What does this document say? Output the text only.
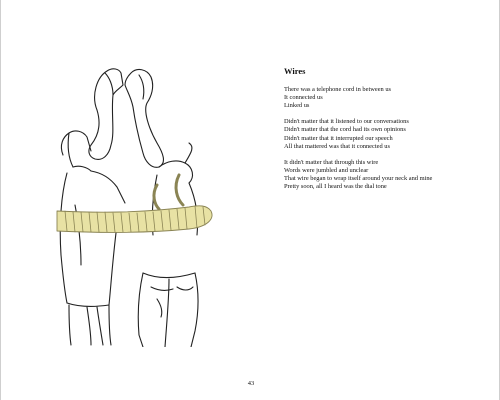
Wires
There was a telephone cord in between us
It connected us
Linked us
Didn't matter that it listened to our conversations
Didn't matter that the cord had its own opinions
Didn't matter that it interrupted our speech
All that mattered was that it connected us
It didn't matter that through this wire
Words were jumbled and unclear
That wire began to wrap itself around your neck and mine
Pretty soon, all I heard was the dial tone
43
